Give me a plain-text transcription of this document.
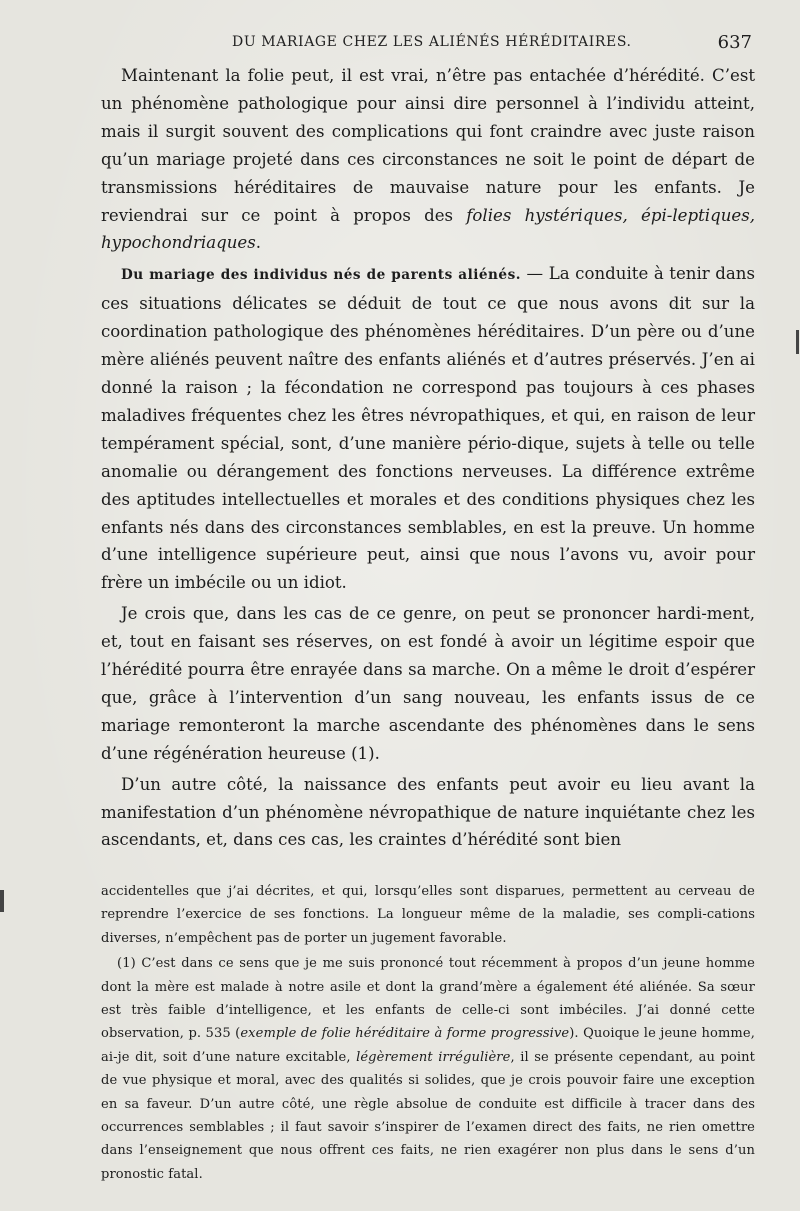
DU MARIAGE CHEZ LES ALIÉNÉS HÉRÉDITAIRES.	637

Maintenant la folie peut, il est vrai, n’être pas entachée d’hérédité. C’est un phénomène pathologique pour ainsi dire personnel à l’individu atteint, mais il surgit souvent des complications qui font craindre avec juste raison qu’un mariage projeté dans ces circonstances ne soit le point de départ de transmissions héréditaires de mauvaise nature pour les enfants. Je reviendrai sur ce point à propos des folies hystériques, épi-leptiques, hypochondriaques.

Du mariage des individus nés de parents aliénés. — La conduite à tenir dans ces situations délicates se déduit de tout ce que nous avons dit sur la coordination pathologique des phénomènes héréditaires. D’un père ou d’une mère aliénés peuvent naître des enfants aliénés et d’autres préservés. J’en ai donné la raison ; la fécondation ne correspond pas toujours à ces phases maladives fréquentes chez les êtres névropathiques, et qui, en raison de leur tempérament spécial, sont, d’une manière pério-dique, sujets à telle ou telle anomalie ou dérangement des fonctions nerveuses. La différence extrême des aptitudes intellectuelles et morales et des conditions physiques chez les enfants nés dans des circonstances semblables, en est la preuve. Un homme d’une intelligence supérieure peut, ainsi que nous l’avons vu, avoir pour frère un imbécile ou un idiot.

Je crois que, dans les cas de ce genre, on peut se prononcer hardi-ment, et, tout en faisant ses réserves, on est fondé à avoir un légitime espoir que l’hérédité pourra être enrayée dans sa marche. On a même le droit d’espérer que, grâce à l’intervention d’un sang nouveau, les enfants issus de ce mariage remonteront la marche ascendante des phénomènes dans le sens d’une régénération heureuse (1).

D’un autre côté, la naissance des enfants peut avoir eu lieu avant la manifestation d’un phénomène névropathique de nature inquiétante chez les ascendants, et, dans ces cas, les craintes d’hérédité sont bien

accidentelles que j’ai décrites, et qui, lorsqu’elles sont disparues, permettent au cerveau de reprendre l’exercice de ses fonctions. La longueur même de la maladie, ses compli-cations diverses, n’empêchent pas de porter un jugement favorable.

(1) C’est dans ce sens que je me suis prononcé tout récemment à propos d’un jeune homme dont la mère est malade à notre asile et dont la grand’mère a également été aliénée. Sa sœur est très faible d’intelligence, et les enfants de celle-ci sont imbéciles. J’ai donné cette observation, p. 535 (exemple de folie héréditaire à forme progressive). Quoique le jeune homme, ai-je dit, soit d’une nature excitable, légèrement irrégulière, il se présente cependant, au point de vue physique et moral, avec des qualités si solides, que je crois pouvoir faire une exception en sa faveur. D’un autre côté, une règle absolue de conduite est difficile à tracer dans des occurrences semblables ; il faut savoir s’inspirer de l’examen direct des faits, ne rien omettre dans l’enseignement que nous offrent ces faits, ne rien exagérer non plus dans le sens d’un pronostic fatal.
